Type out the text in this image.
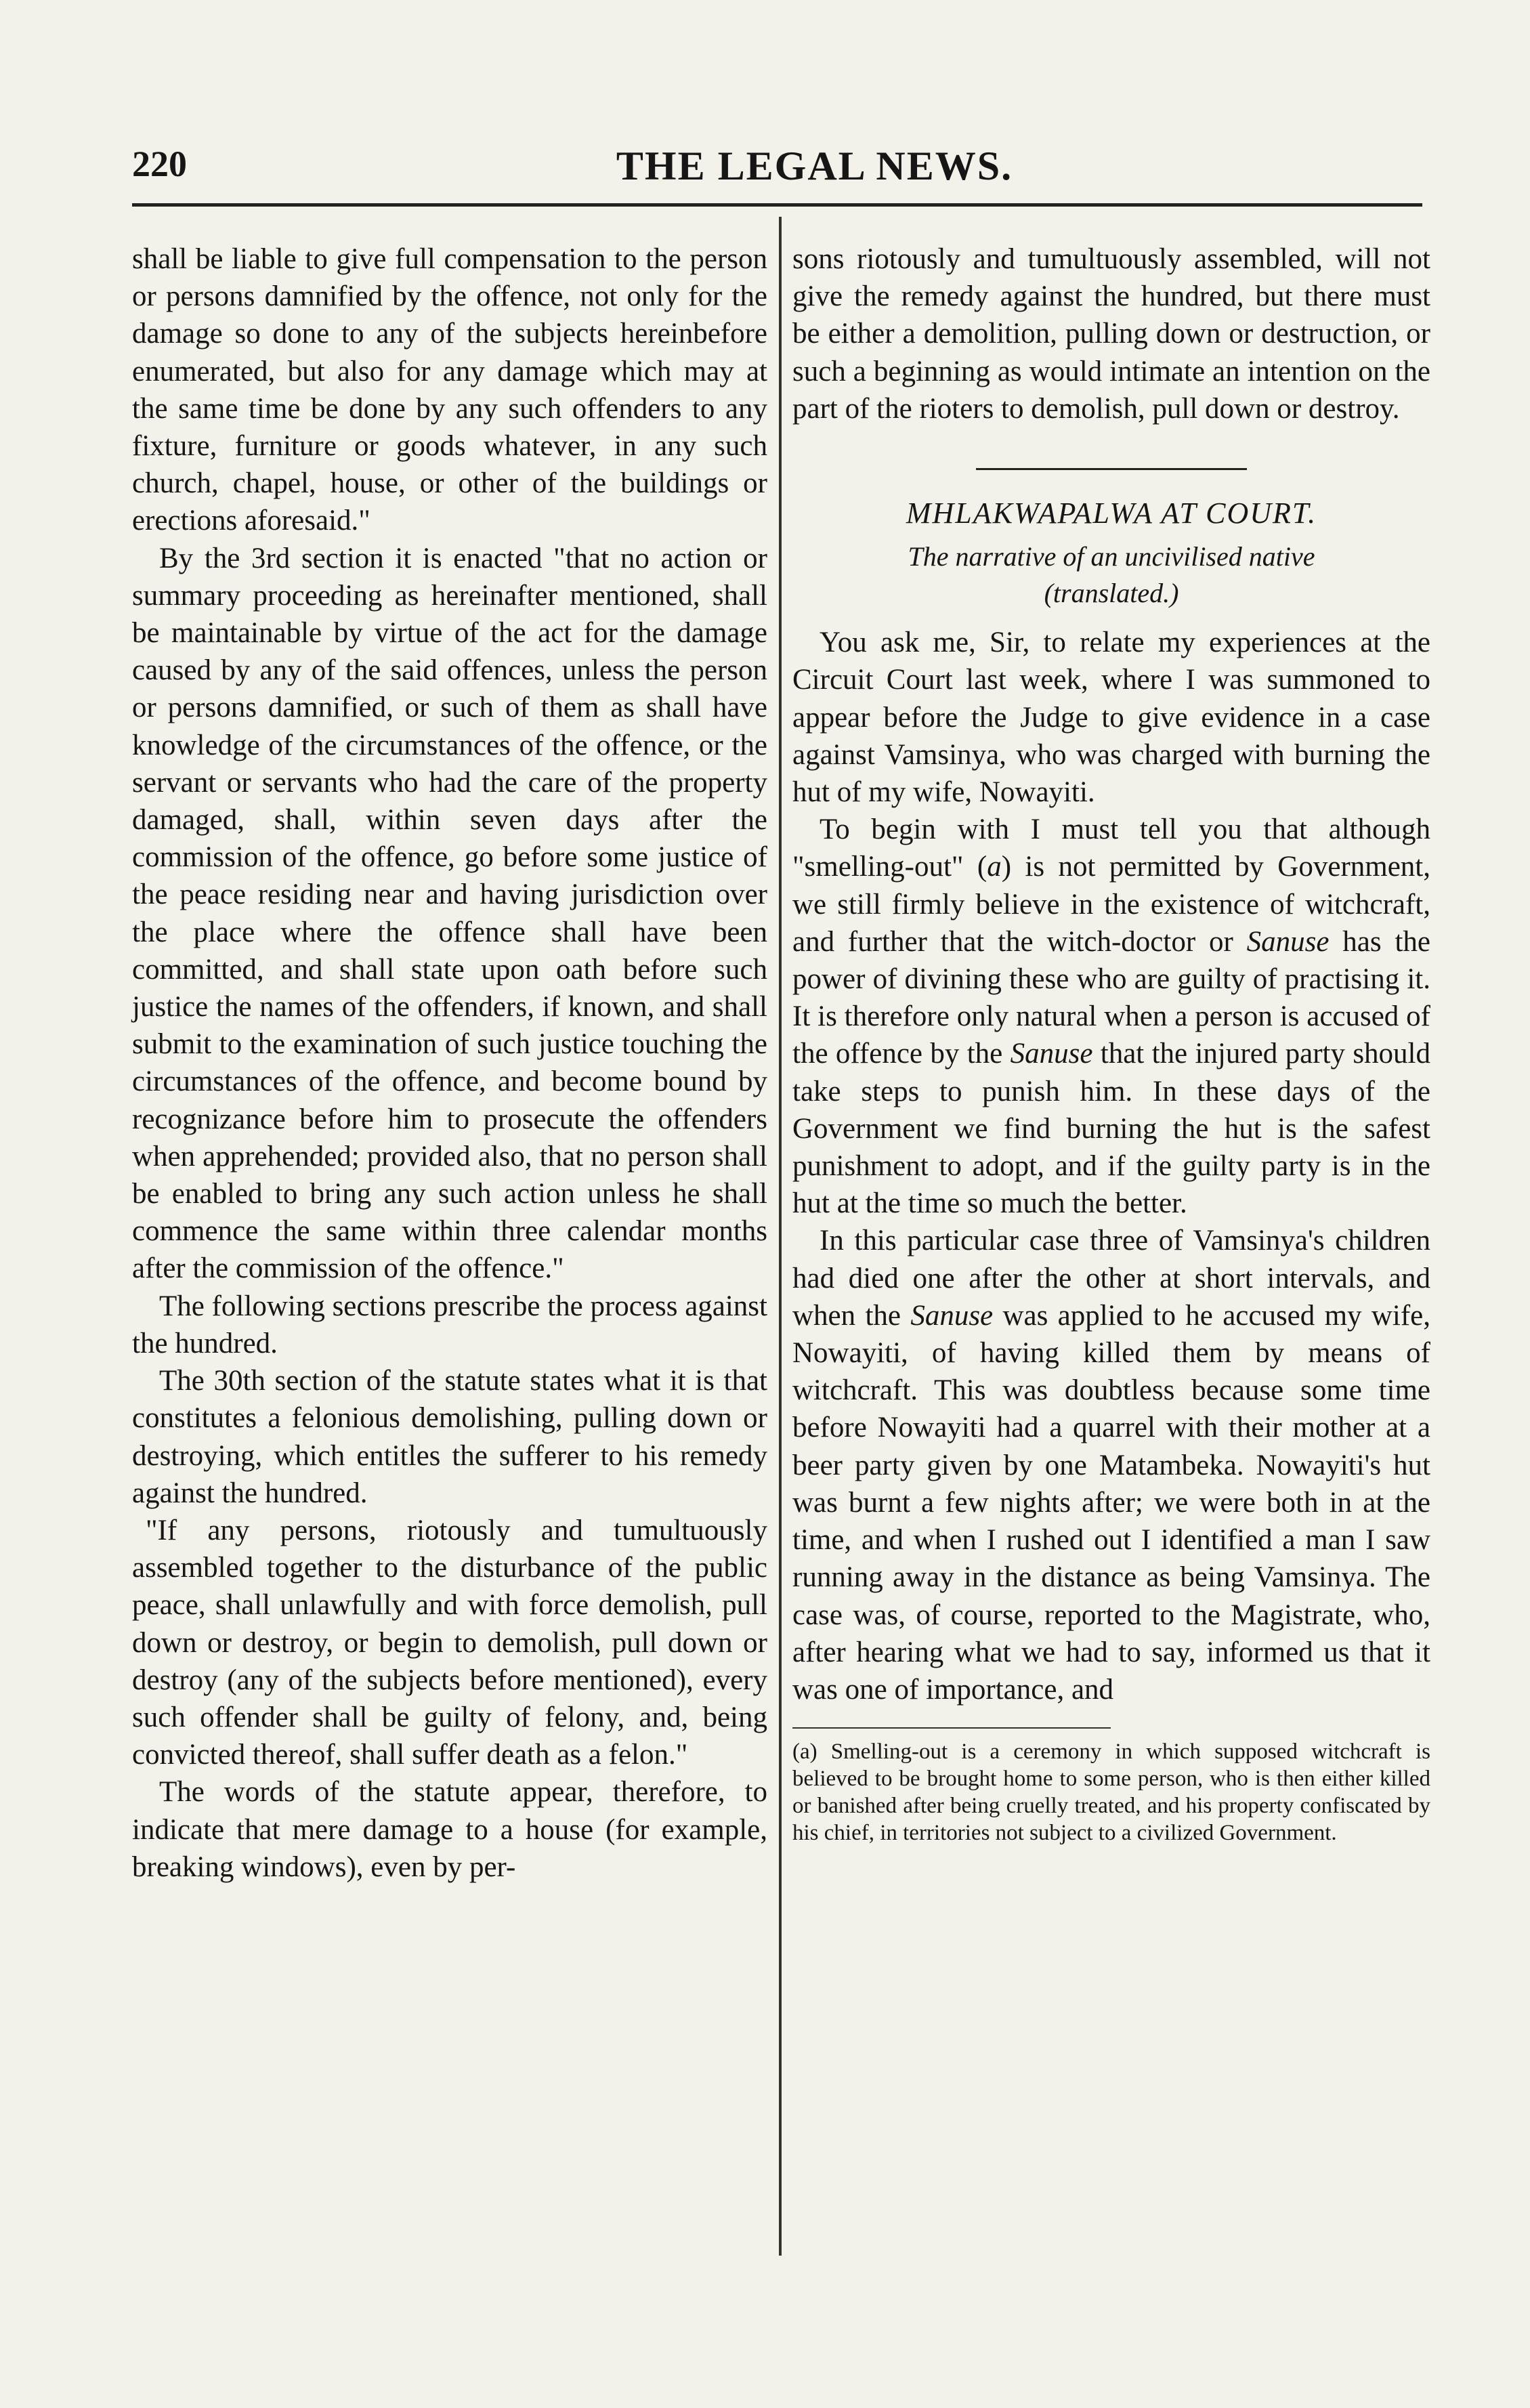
220	THE LEGAL NEWS.

shall be liable to give full compensation to the person or persons damnified by the offence, not only for the damage so done to any of the subjects hereinbefore enumerated, but also for any damage which may at the same time be done by any such offenders to any fixture, furniture or goods whatever, in any such church, chapel, house, or other of the buildings or erections aforesaid."

By the 3rd section it is enacted "that no action or summary proceeding as hereinafter mentioned, shall be maintainable by virtue of the act for the damage caused by any of the said offences, unless the person or persons damnified, or such of them as shall have knowledge of the circumstances of the offence, or the servant or servants who had the care of the property damaged, shall, within seven days after the commission of the offence, go before some justice of the peace residing near and having jurisdiction over the place where the offence shall have been committed, and shall state upon oath before such justice the names of the offenders, if known, and shall submit to the examination of such justice touching the circumstances of the offence, and become bound by recognizance before him to prosecute the offenders when apprehended; provided also, that no person shall be enabled to bring any such action unless he shall commence the same within three calendar months after the commission of the offence."

The following sections prescribe the process against the hundred.

The 30th section of the statute states what it is that constitutes a felonious demolishing, pulling down or destroying, which entitles the sufferer to his remedy against the hundred.

"If any persons, riotously and tumultuously assembled together to the disturbance of the public peace, shall unlawfully and with force demolish, pull down or destroy, or begin to demolish, pull down or destroy (any of the subjects before mentioned), every such offender shall be guilty of felony, and, being convicted thereof, shall suffer death as a felon."

The words of the statute appear, therefore, to indicate that mere damage to a house (for example, breaking windows), even by per-

sons riotously and tumultuously assembled, will not give the remedy against the hundred, but there must be either a demolition, pulling down or destruction, or such a beginning as would intimate an intention on the part of the rioters to demolish, pull down or destroy.

MHLAKWAPALWA AT COURT.
The narrative of an uncivilised native
(translated.)

You ask me, Sir, to relate my experiences at the Circuit Court last week, where I was summoned to appear before the Judge to give evidence in a case against Vamsinya, who was charged with burning the hut of my wife, Nowayiti.

To begin with I must tell you that although "smelling-out" (a) is not permitted by Government, we still firmly believe in the existence of witchcraft, and further that the witch-doctor or Sanuse has the power of divining these who are guilty of practising it. It is therefore only natural when a person is accused of the offence by the Sanuse that the injured party should take steps to punish him. In these days of the Government we find burning the hut is the safest punishment to adopt, and if the guilty party is in the hut at the time so much the better.

In this particular case three of Vamsinya's children had died one after the other at short intervals, and when the Sanuse was applied to he accused my wife, Nowayiti, of having killed them by means of witchcraft. This was doubtless because some time before Nowayiti had a quarrel with their mother at a beer party given by one Matambeka. Nowayiti's hut was burnt a few nights after; we were both in at the time, and when I rushed out I identified a man I saw running away in the distance as being Vamsinya. The case was, of course, reported to the Magistrate, who, after hearing what we had to say, informed us that it was one of importance, and

(a) Smelling-out is a ceremony in which supposed witchcraft is believed to be brought home to some person, who is then either killed or banished after being cruelly treated, and his property confiscated by his chief, in territories not subject to a civilized Government.
